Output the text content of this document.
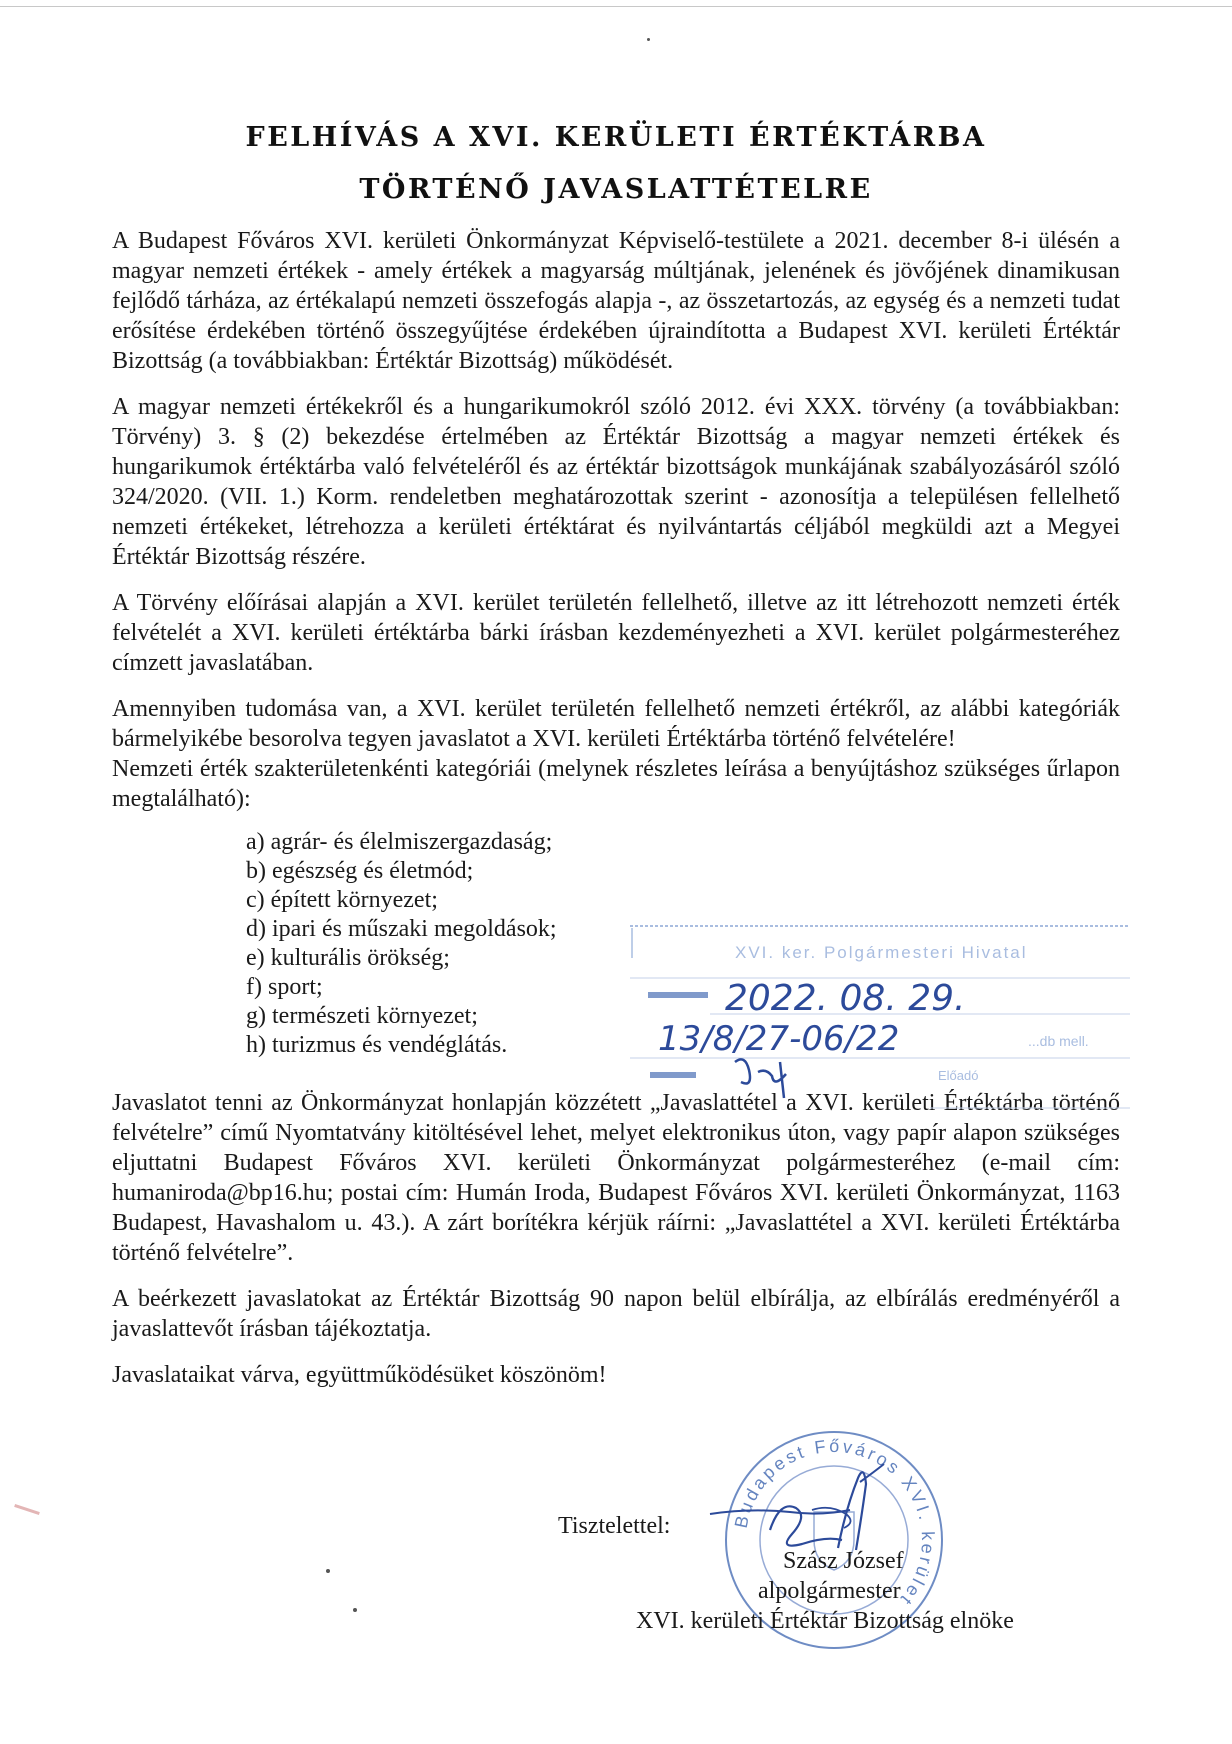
FELHÍVÁS A XVI. KERÜLETI ÉRTÉKTÁRBA
TÖRTÉNŐ JAVASLATTÉTELRE

A Budapest Főváros XVI. kerületi Önkormányzat Képviselő-testülete a 2021. december 8-i ülésén a magyar nemzeti értékek - amely értékek a magyarság múltjának, jelenének és jövőjének dinamikusan fejlődő tárháza, az értékalapú nemzeti összefogás alapja -, az összetartozás, az egység és a nemzeti tudat erősítése érdekében történő összegyűjtése érdekében újraindította a Budapest XVI. kerületi Értéktár Bizottság (a továbbiakban: Értéktár Bizottság) működését.

A magyar nemzeti értékekről és a hungarikumokról szóló 2012. évi XXX. törvény (a továbbiakban: Törvény) 3. § (2) bekezdése értelmében az Értéktár Bizottság a magyar nemzeti értékek és hungarikumok értéktárba való felvételéről és az értéktár bizottságok munkájának szabályozásáról szóló 324/2020. (VII. 1.) Korm. rendeletben meghatározottak szerint - azonosítja a településen fellelhető nemzeti értékeket, létrehozza a kerületi értéktárat és nyilvántartás céljából megküldi azt a Megyei Értéktár Bizottság részére.

A Törvény előírásai alapján a XVI. kerület területén fellelhető, illetve az itt létrehozott nemzeti érték felvételét a XVI. kerületi értéktárba bárki írásban kezdeményezheti a XVI. kerület polgármesteréhez címzett javaslatában.

Amennyiben tudomása van, a XVI. kerület területén fellelhető nemzeti értékről, az alábbi kategóriák bármelyikébe besorolva tegyen javaslatot a XVI. kerületi Értéktárba történő felvételére!

Nemzeti érték szakterületenkénti kategóriái (melynek részletes leírása a benyújtáshoz szükséges űrlapon megtalálható):

a) agrár- és élelmiszergazdaság;
b) egészség és életmód;
c) épített környezet;
d) ipari és műszaki megoldások;
e) kulturális örökség;
f) sport;
g) természeti környezet;
h) turizmus és vendéglátás.

Javaslatot tenni az Önkormányzat honlapján közzétett „Javaslattétel a XVI. kerületi Értéktárba történő felvételre” című Nyomtatvány kitöltésével lehet, melyet elektronikus úton, vagy papír alapon szükséges eljuttatni Budapest Főváros XVI. kerületi Önkormányzat polgármesteréhez (e-mail cím: humaniroda@bp16.hu; postai cím: Humán Iroda, Budapest Főváros XVI. kerületi Önkormányzat, 1163 Budapest, Havashalom u. 43.). A zárt borítékra kérjük ráírni: „Javaslattétel a XVI. kerületi Értéktárba történő felvételre”.

A beérkezett javaslatokat az Értéktár Bizottság 90 napon belül elbírálja, az elbírálás eredményéről a javaslattevőt írásban tájékoztatja.

Javaslataikat várva, együttműködésüket köszönöm!

XVI. ker. Polgármesteri Hivatal
2022. 08. 29.
13/8/27-06/22	...db mell.
Előadó
Budapest Főváros XVI. kerület
Tisztelettel:
Szász József
alpolgármester
XVI. kerületi Értéktár Bizottság elnöke
